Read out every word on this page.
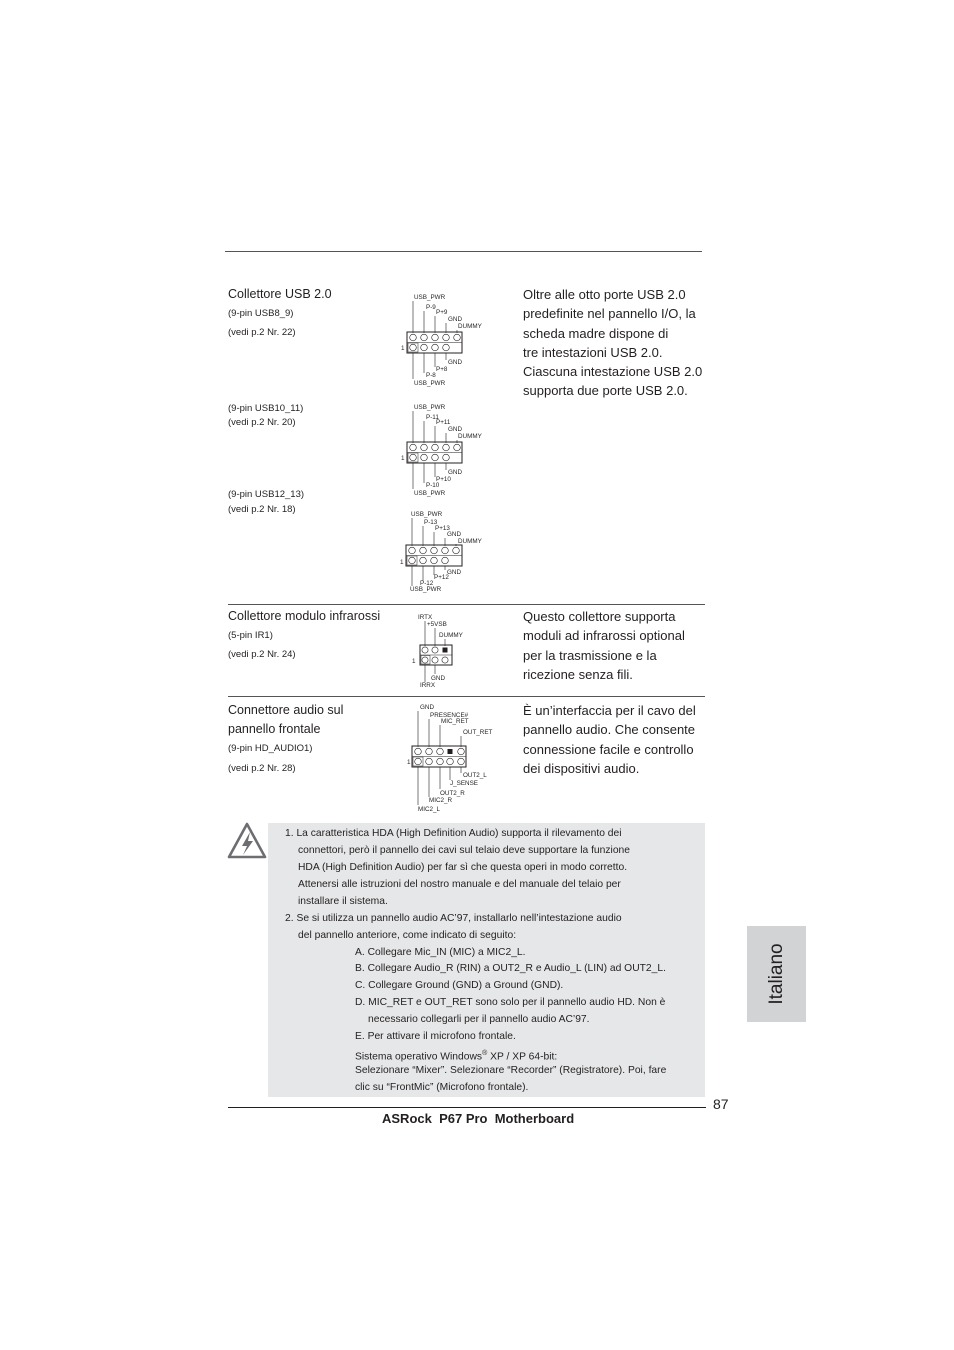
Collettore USB 2.0
(9-pin USB8_9)
(vedi p.2 Nr. 22)
(9-pin USB10_11)
(vedi p.2 Nr. 20)
(9-pin USB12_13)
(vedi p.2 Nr. 18)
Oltre alle otto porte USB 2.0
predefinite nel pannello I/O, la
scheda madre dispone di
tre intestazioni USB 2.0.
Ciascuna intestazione USB 2.0
supporta due porte USB 2.0.
USB_PWR
P-9
P+9
GND
DUMMY
1
GND
P+8
P-8
USB_PWR
USB_PWR
P-11
P+11
GND
DUMMY
1
GND
P+10
P-10
USB_PWR
USB_PWR
P-13
P+13
GND
DUMMY
1
GND
P+12
P-12
USB_PWR
Collettore modulo infrarossi
(5-pin IR1)
(vedi p.2 Nr. 24)
Questo collettore supporta
moduli ad infrarossi optional
per la trasmissione e la
ricezione senza fili.
IRTX
+5VSB
DUMMY
1
GND
IRRX
Connettore audio sul
pannello frontale
(9-pin HD_AUDIO1)
(vedi p.2 Nr. 28)
È un’interfaccia per il cavo del
pannello audio. Che consente
connessione facile e controllo
dei dispositivi audio.
GND
PRESENCE#
MIC_RET
OUT_RET
1
OUT2_L
J_SENSE
OUT2_R
MIC2_R
MIC2_L
1. La caratteristica HDA (High Definition Audio) supporta il rilevamento dei
connettori, però il pannello dei cavi sul telaio deve supportare la funzione
HDA (High Definition Audio) per far sì che questa operi in modo corretto.
Attenersi alle istruzioni del nostro manuale e del manuale del telaio per
installare il sistema.
2. Se si utilizza un pannello audio AC’97, installarlo nell’intestazione audio
del pannello anteriore, come indicato di seguito:
A. Collegare Mic_IN (MIC) a MIC2_L.
B. Collegare Audio_R (RIN) a OUT2_R e Audio_L (LIN) ad OUT2_L.
C. Collegare Ground (GND) a Ground (GND).
D. MIC_RET e OUT_RET sono solo per il pannello audio HD. Non è
necessario collegarli per il pannello audio AC’97.
E. Per attivare il microfono frontale.
Sistema operativo Windows® XP / XP 64-bit:
Selezionare “Mixer”. Selezionare “Recorder” (Registratore). Poi, fare
clic su “FrontMic” (Microfono frontale).
Italiano
87
ASRock  P67 Pro  Motherboard
